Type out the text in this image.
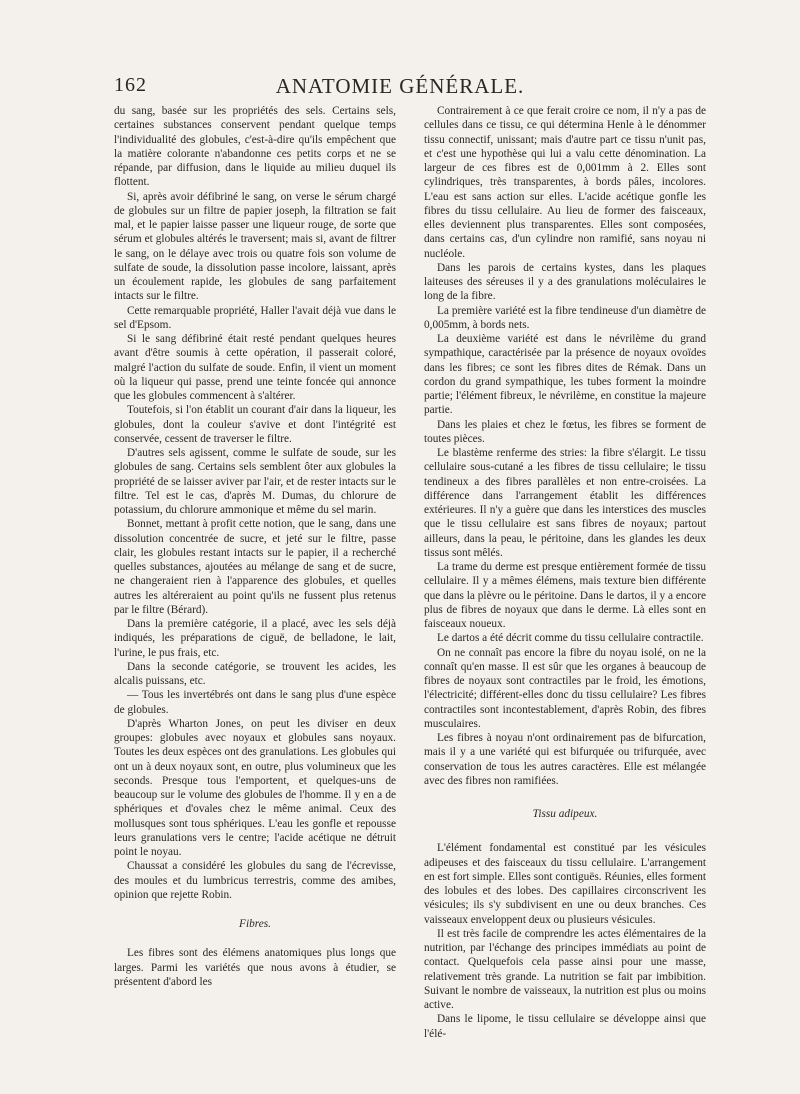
162	ANATOMIE GÉNÉRALE.

du sang, basée sur les propriétés des sels. Certains sels, certaines substances conservent pendant quelque temps l'individualité des globules, c'est-à-dire qu'ils empêchent que la matière colorante n'abandonne ces petits corps et ne se répande, par diffusion, dans le liquide au milieu duquel ils flottent.

Si, après avoir défibriné le sang, on verse le sérum chargé de globules sur un filtre de papier joseph, la filtration se fait mal, et le papier laisse passer une liqueur rouge, de sorte que sérum et globules altérés le traversent; mais si, avant de filtrer le sang, on le délaye avec trois ou quatre fois son volume de sulfate de soude, la dissolution passe incolore, laissant, après un écoulement rapide, les globules de sang parfaitement intacts sur le filtre.

Cette remarquable propriété, Haller l'avait déjà vue dans le sel d'Epsom.

Si le sang défibriné était resté pendant quelques heures avant d'être soumis à cette opération, il passerait coloré, malgré l'action du sulfate de soude. Enfin, il vient un moment où la liqueur qui passe, prend une teinte foncée qui annonce que les globules commencent à s'altérer.

Toutefois, si l'on établit un courant d'air dans la liqueur, les globules, dont la couleur s'avive et dont l'intégrité est conservée, cessent de traverser le filtre.

D'autres sels agissent, comme le sulfate de soude, sur les globules de sang. Certains sels semblent ôter aux globules la propriété de se laisser aviver par l'air, et de rester intacts sur le filtre. Tel est le cas, d'après M. Dumas, du chlorure de potassium, du chlorure ammonique et même du sel marin.

Bonnet, mettant à profit cette notion, que le sang, dans une dissolution concentrée de sucre, et jeté sur le filtre, passe clair, les globules restant intacts sur le papier, il a recherché quelles substances, ajoutées au mélange de sang et de sucre, ne changeraient rien à l'apparence des globules, et quelles autres les altéreraient au point qu'ils ne fussent plus retenus par le filtre (Bérard).

Dans la première catégorie, il a placé, avec les sels déjà indiqués, les préparations de ciguë, de belladone, le lait, l'urine, le pus frais, etc.

Dans la seconde catégorie, se trouvent les acides, les alcalis puissans, etc.

— Tous les invertébrés ont dans le sang plus d'une espèce de globules.

D'après Wharton Jones, on peut les diviser en deux groupes: globules avec noyaux et globules sans noyaux. Toutes les deux espèces ont des granulations. Les globules qui ont un à deux noyaux sont, en outre, plus volumineux que les seconds. Presque tous l'emportent, et quelques-uns de beaucoup sur le volume des globules de l'homme. Il y en a de sphériques et d'ovales chez le même animal. Ceux des mollusques sont tous sphériques. L'eau les gonfle et repousse leurs granulations vers le centre; l'acide acétique ne détruit point le noyau.

Chaussat a considéré les globules du sang de l'écrevisse, des moules et du lumbricus terrestris, comme des amibes, opinion que rejette Robin.

Fibres.

Les fibres sont des élémens anatomiques plus longs que larges. Parmi les variétés que nous avons à étudier, se présentent d'abord les

Contrairement à ce que ferait croire ce nom, il n'y a pas de cellules dans ce tissu, ce qui détermina Henle à le dénommer tissu connectif, unissant; mais d'autre part ce tissu n'unit pas, et c'est une hypothèse qui lui a valu cette dénomination. La largeur de ces fibres est de 0,001mm à 2. Elles sont cylindriques, très transparentes, à bords pâles, incolores. L'eau est sans action sur elles. L'acide acétique gonfle les fibres du tissu cellulaire. Au lieu de former des faisceaux, elles deviennent plus transparentes. Elles sont composées, dans certains cas, d'un cylindre non ramifié, sans noyau ni nucléole.

Dans les parois de certains kystes, dans les plaques laiteuses des séreuses il y a des granulations moléculaires le long de la fibre.

La première variété est la fibre tendineuse d'un diamètre de 0,005mm, à bords nets.

La deuxième variété est dans le névrilème du grand sympathique, caractérisée par la présence de noyaux ovoïdes dans les fibres; ce sont les fibres dites de Rémak. Dans un cordon du grand sympathique, les tubes forment la moindre partie; l'élément fibreux, le névrilème, en constitue la majeure partie.

Dans les plaies et chez le fœtus, les fibres se forment de toutes pièces.

Le blastème renferme des stries: la fibre s'élargit. Le tissu cellulaire sous-cutané a les fibres de tissu cellulaire; le tissu tendineux a des fibres parallèles et non entre-croisées. La différence dans l'arrangement établit les différences extérieures. Il n'y a guère que dans les interstices des muscles que le tissu cellulaire est sans fibres de noyaux; partout ailleurs, dans la peau, le péritoine, dans les glandes les deux tissus sont mêlés.

La trame du derme est presque entièrement formée de tissu cellulaire. Il y a mêmes élémens, mais texture bien différente que dans la plèvre ou le péritoine. Dans le dartos, il y a encore plus de fibres de noyaux que dans le derme. Là elles sont en faisceaux noueux.

Le dartos a été décrit comme du tissu cellulaire contractile.

On ne connaît pas encore la fibre du noyau isolé, on ne la connaît qu'en masse. Il est sûr que les organes à beaucoup de fibres de noyaux sont contractiles par le froid, les émotions, l'électricité; différent-elles donc du tissu cellulaire? Les fibres contractiles sont incontestablement, d'après Robin, des fibres musculaires.

Les fibres à noyau n'ont ordinairement pas de bifurcation, mais il y a une variété qui est bifurquée ou trifurquée, avec conservation de tous les autres caractères. Elle est mélangée avec des fibres non ramifiées.

Tissu adipeux.

L'élément fondamental est constitué par les vésicules adipeuses et des faisceaux du tissu cellulaire. L'arrangement en est fort simple. Elles sont contiguës. Réunies, elles forment des lobules et des lobes. Des capillaires circonscrivent les vésicules; ils s'y subdivisent en une ou deux branches. Ces vaisseaux enveloppent deux ou plusieurs vésicules.

Il est très facile de comprendre les actes élémentaires de la nutrition, par l'échange des principes immédiats au point de contact. Quelquefois cela passe ainsi pour une masse, relativement très grande. La nutrition se fait par imbibition. Suivant le nombre de vaisseaux, la nutrition est plus ou moins active.

Dans le lipome, le tissu cellulaire se développe ainsi que l'élé-
